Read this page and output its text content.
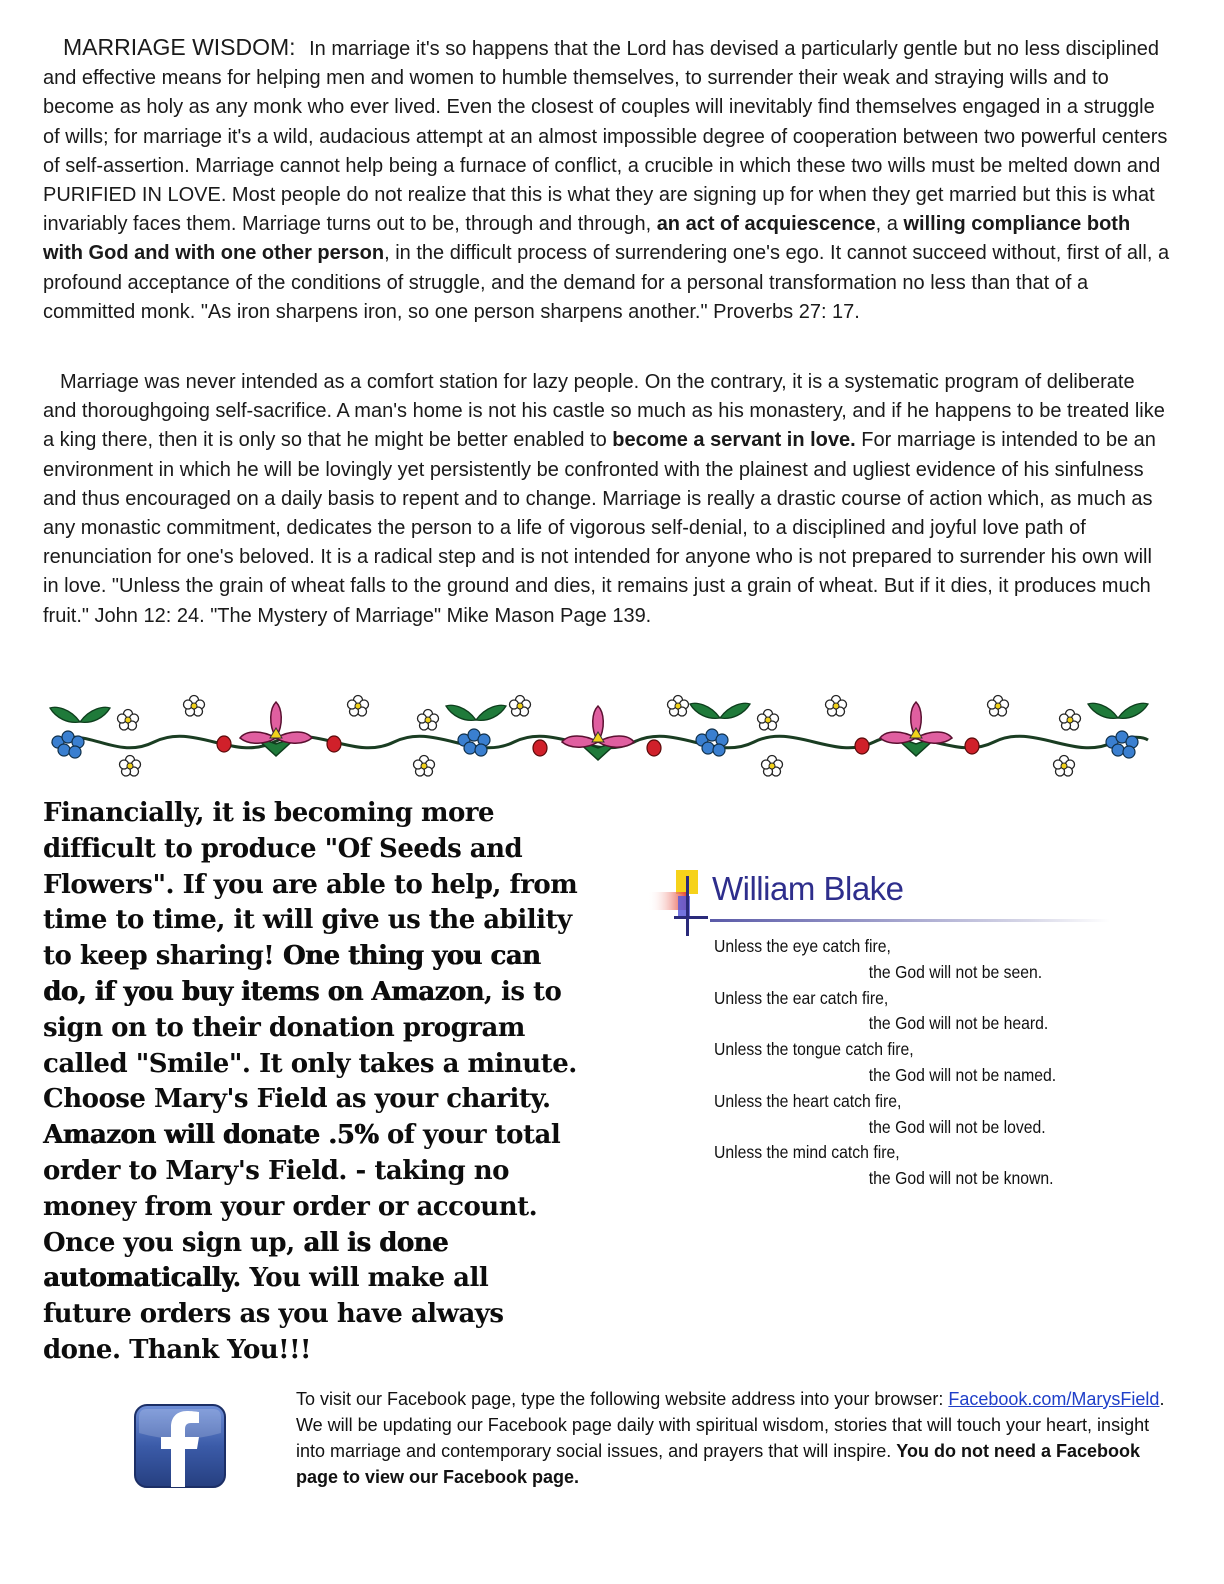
MARRIAGE WISDOM: In marriage it's so happens that the Lord has devised a particularly gentle but no less disciplined and effective means for helping men and women to humble themselves, to surrender their weak and straying wills and to become as holy as any monk who ever lived. Even the closest of couples will inevitably find themselves engaged in a struggle of wills; for marriage it's a wild, audacious attempt at an almost impossible degree of cooperation between two powerful centers of self-assertion. Marriage cannot help being a furnace of conflict, a crucible in which these two wills must be melted down and PURIFIED IN LOVE. Most people do not realize that this is what they are signing up for when they get married but this is what invariably faces them. Marriage turns out to be, through and through, an act of acquiescence, a willing compliance both with God and with one other person, in the difficult process of surrendering one's ego. It cannot succeed without, first of all, a profound acceptance of the conditions of struggle, and the demand for a personal transformation no less than that of a committed monk. "As iron sharpens iron, so one person sharpens another." Proverbs 27: 17.

Marriage was never intended as a comfort station for lazy people. On the contrary, it is a systematic program of deliberate and thoroughgoing self-sacrifice. A man's home is not his castle so much as his monastery, and if he happens to be treated like a king there, then it is only so that he might be better enabled to become a servant in love. For marriage is intended to be an environment in which he will be lovingly yet persistently be confronted with the plainest and ugliest evidence of his sinfulness and thus encouraged on a daily basis to repent and to change. Marriage is really a drastic course of action which, as much as any monastic commitment, dedicates the person to a life of vigorous self-denial, to a disciplined and joyful love path of renunciation for one's beloved. It is a radical step and is not intended for anyone who is not prepared to surrender his own will in love. "Unless the grain of wheat falls to the ground and dies, it remains just a grain of wheat. But if it dies, it produces much fruit." John 12: 24. "The Mystery of Marriage" Mike Mason Page 139.

Financially, it is becoming more difficult to produce "Of Seeds and Flowers". If you are able to help, from time to time, it will give us the ability to keep sharing! One thing you can do, if you buy items on Amazon, is to sign on to their donation program called "Smile". It only takes a minute. Choose Mary's Field as your charity. Amazon will donate .5% of your total order to Mary's Field. - taking no money from your order or account. Once you sign up, all is done automatically. You will make all future orders as you have always done. Thank You!!!

William Blake
Unless the eye catch fire,
the God will not be seen.
Unless the ear catch fire,
the God will not be heard.
Unless the tongue catch fire,
the God will not be named.
Unless the heart catch fire,
the God will not be loved.
Unless the mind catch fire,
the God will not be known.

To visit our Facebook page, type the following website address into your browser: Facebook.com/MarysField. We will be updating our Facebook page daily with spiritual wisdom, stories that will touch your heart, insight into marriage and contemporary social issues, and prayers that will inspire. You do not need a Facebook page to view our Facebook page.
